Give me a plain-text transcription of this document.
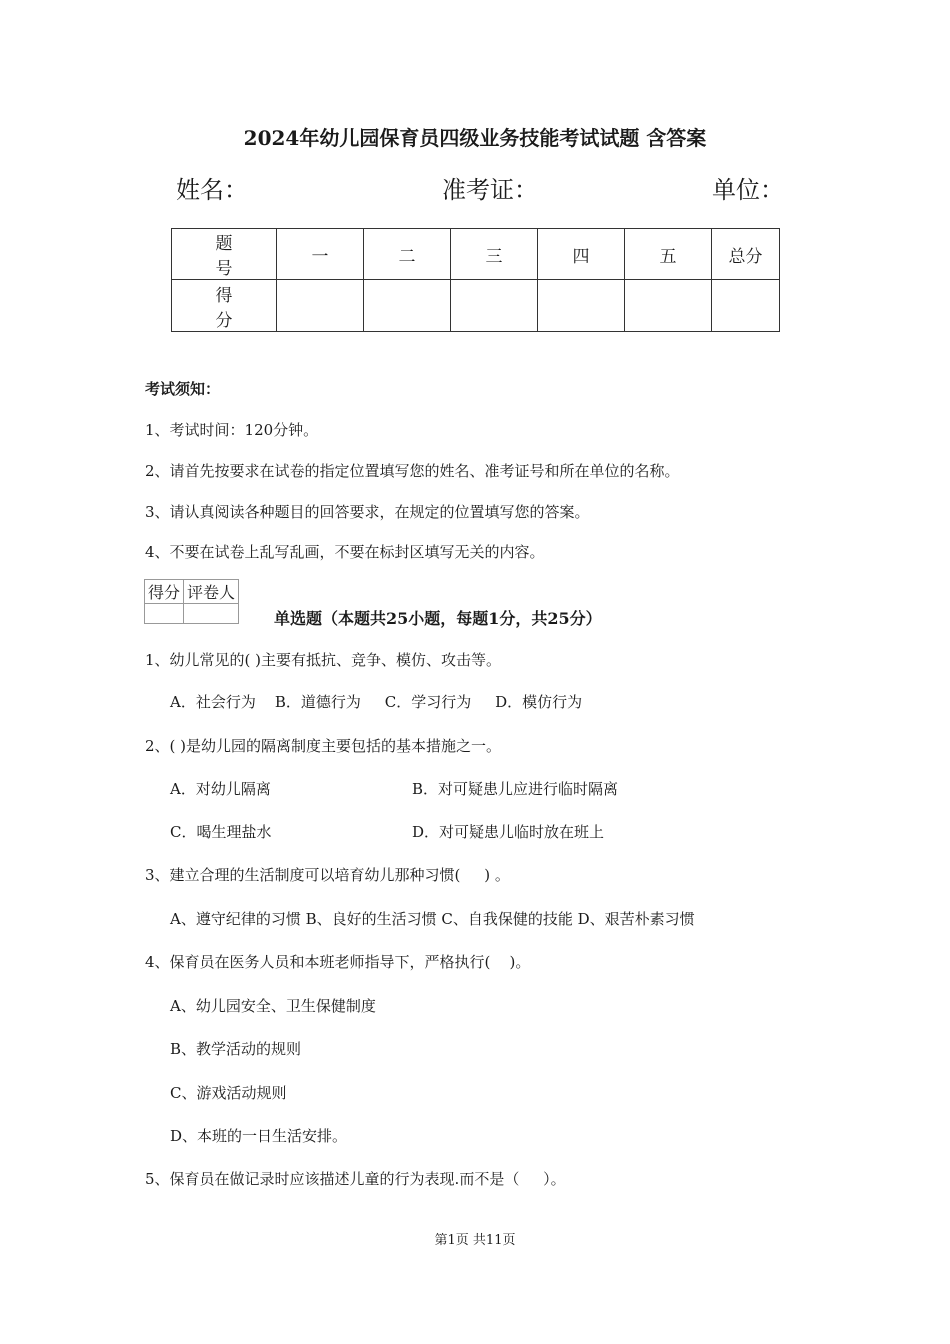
2024年幼儿园保育员四级业务技能考试试题 含答案
姓名：	准考证：	单位：
题 号	一	二	三	四	五	总分
得 分						
考试须知：
1、考试时间：120分钟。
2、请首先按要求在试卷的指定位置填写您的姓名、准考证号和所在单位的名称。
3、请认真阅读各种题目的回答要求，在规定的位置填写您的答案。
4、不要在试卷上乱写乱画，不要在标封区填写无关的内容。
得分	评卷人

单选题（本题共25小题，每题1分，共25分）
1、幼儿常见的( )主要有抵抗、竞争、模仿、攻击等。
A．社会行为    B．道德行为     C．学习行为     D．模仿行为
2、( )是幼儿园的隔离制度主要包括的基本措施之一。
A．对幼儿隔离	B．对可疑患儿应进行临时隔离
C．喝生理盐水	D．对可疑患儿临时放在班上
3、建立合理的生活制度可以培育幼儿那种习惯(     ) 。
A、遵守纪律的习惯 B、良好的生活习惯 C、自我保健的技能 D、艰苦朴素习惯
4、保育员在医务人员和本班老师指导下，严格执行(    )。
A、幼儿园安全、卫生保健制度
B、教学活动的规则
C、游戏活动规则
D、本班的一日生活安排。
5、保育员在做记录时应该描述儿童的行为表现.而不是（     ）。
第1页 共11页
